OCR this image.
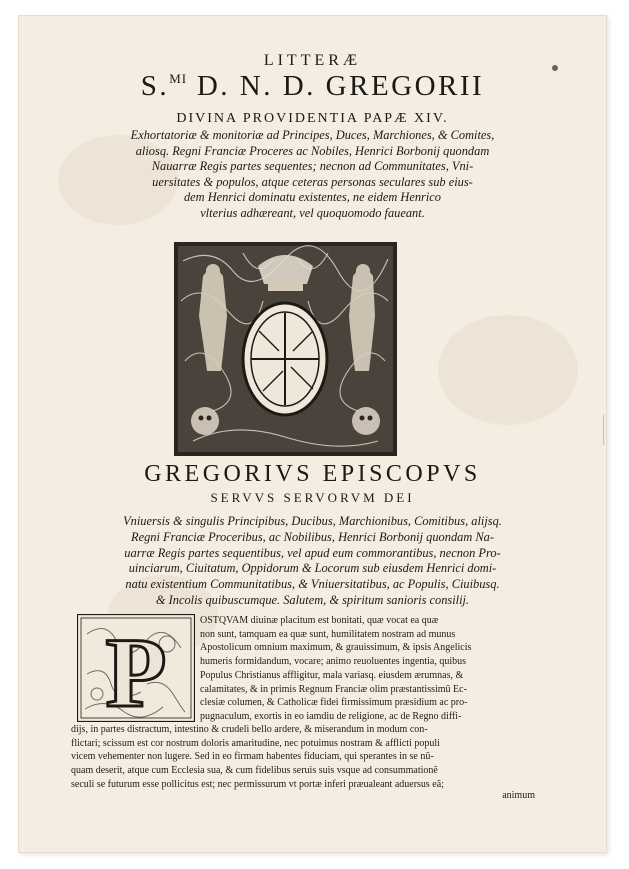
LITTERÆ
S.$^{MI}$ D. N. D. GREGORII
DIVINA PROVIDENTIA PAPÆ XIV.
Exhortatoriæ & monitoriæ ad Principes, Duces, Marchiones, & Comites,
aliosq. Regni Franciæ Proceres ac Nobiles, Henrici Borbonij quondam
Nauarræ Regis partes sequentes; necnon ad Communitates, Vni-
uersitates & populos, atque ceteras personas seculares sub eius-
dem Henrici dominatu existentes, ne eidem Henrico
vlterius adhæreant, vel quoquomodo faueant.
GREGORIVS EPISCOPVS
SERVVS SERVORVM DEI
Vniuersis & singulis Principibus, Ducibus, Marchionibus, Comitibus, alijsq.
Regni Franciæ Proceribus, ac Nobilibus, Henrici Borbonij quondam Na-
uarræ Regis partes sequentibus, vel apud eum commorantibus, necnon Pro-
uinciarum, Ciuitatum, Oppidorum & Locorum sub eiusdem Henrici domi-
natu existentium Communitatibus, & Vniuersitatibus, ac Populis, Ciuibusq.
& Incolis quibuscumque. Salutem, & spiritum sanioris consilij.
P	OSTQVAM diuinæ placitum est bonitati, quæ vocat ea quæ
non sunt, tamquam ea quæ sunt, humilitatem nostram ad munus
Apostolicum omnium maximum, & grauissimum, & ipsis Angelicis
humeris formidandum, vocare; animo reuoluentes ingentia, quibus
Populus Christianus affligitur, mala variasq. eiusdem ærumnas, &
calamitates, & in primis Regnum Franciæ olim præstantissimũ Ec-
clesiæ columen, & Catholicæ fidei firmissimum præsidium ac pro-
pugnaculum, exortis in eo iamdiu de religione, ac de Regno diffi-
dijs, in partes distractum, intestino & crudeli bello ardere, & miserandum in modum con-
flictari; scissum est cor nostrum doloris amaritudine, nec potuimus nostram & afflicti populi
vicem vehementer non lugere. Sed in eo firmam habentes fiduciam, qui sperantes in se nũ-
quam deserit, atque cum Ecclesia sua, & cum fidelibus seruis suis vsque ad consummationẽ
seculi se futurum esse pollicitus est; nec permissurum vt portæ inferi præualeant aduersus eã;
animum
